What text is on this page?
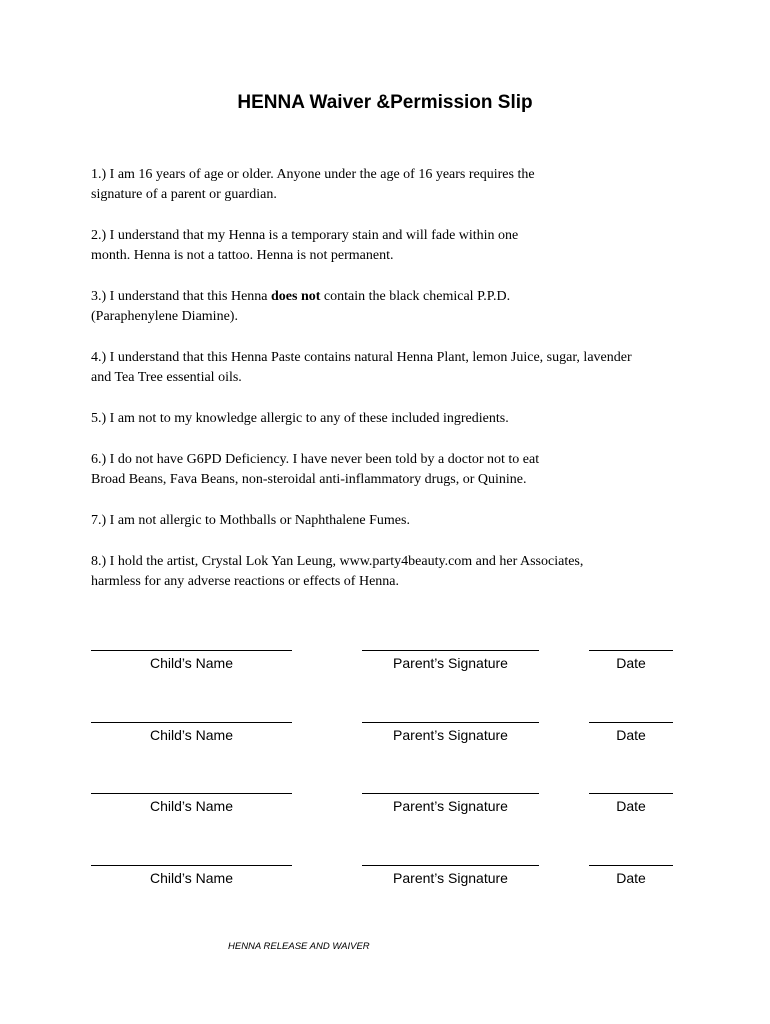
HENNA Waiver &Permission Slip

1.) I am 16 years of age or older. Anyone under the age of 16 years requires the
signature of a parent or guardian.

2.) I understand that my Henna is a temporary stain and will fade within one
month. Henna is not a tattoo. Henna is not permanent.

3.) I understand that this Henna does not contain the black chemical P.P.D.
(Paraphenylene Diamine).

4.) I understand that this Henna Paste contains natural Henna Plant, lemon Juice, sugar, lavender
and Tea Tree essential oils.

5.) I am not to my knowledge allergic to any of these included ingredients.

6.) I do not have G6PD Deficiency. I have never been told by a doctor not to eat
Broad Beans, Fava Beans, non-steroidal anti-inflammatory drugs, or Quinine.

7.) I am not allergic to Mothballs or Naphthalene Fumes.

8.) I hold the artist, Crystal Lok Yan Leung, www.party4beauty.com and her Associates,
harmless for any adverse reactions or effects of Henna.

Child’s Name	Parent’s Signature	Date
Child’s Name	Parent’s Signature	Date
Child’s Name	Parent’s Signature	Date
Child’s Name	Parent’s Signature	Date
HENNA RELEASE AND WAIVER
